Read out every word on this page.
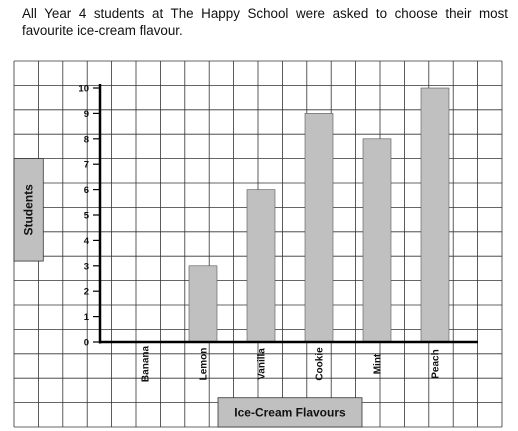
All Year 4 students at The Happy School were asked to choose their most
favourite ice-cream flavour.
Students
Ice-Cream Flavours
0
1
2
3
4
5
6
7
8
9
10
Banana	Lemon	Vanilla	Cookie	Mint	Peach
